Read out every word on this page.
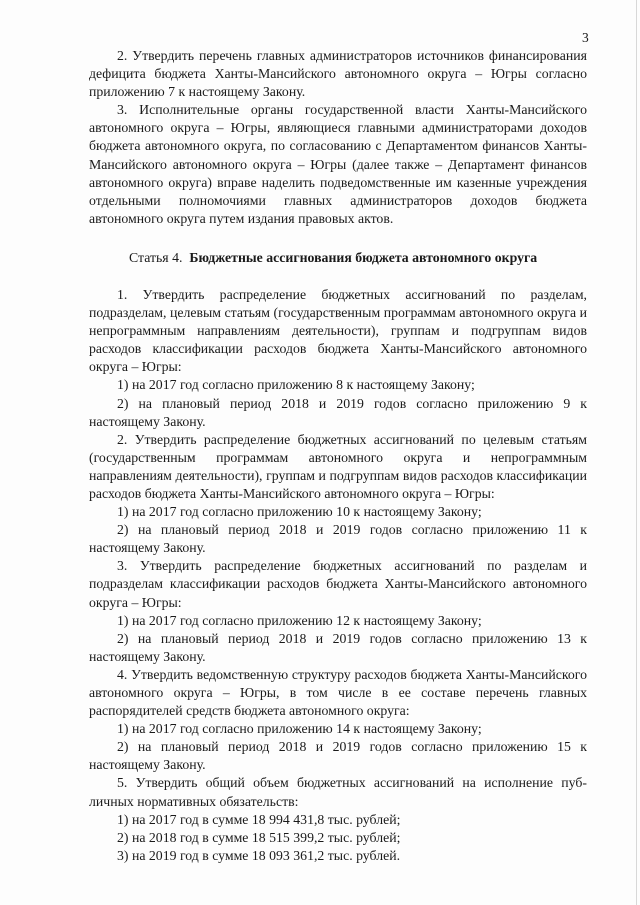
3

2. Утвердить перечень главных администраторов источников финансирования дефицита бюджета Ханты-Мансийского автономного округа – Югры согласно приложению 7 к настоящему Закону.

3. Исполнительные органы государственной власти Ханты-Мансийского автономного округа – Югры, являющиеся главными администраторами доходов бюджета автономного округа, по согласованию с Департаментом финансов Ханты-Мансийского автономного округа – Югры (далее также – Департамент финансов автономного округа) вправе наделить подведомственные им казенные учреждения отдельными полномочиями главных администраторов доходов бюджета автономного округа путем издания правовых актов.

Статья 4. Бюджетные ассигнования бюджета автономного округа

1. Утвердить распределение бюджетных ассигнований по разделам, подразделам, целевым статьям (государственным программам автономного округа и непрограммным направлениям деятельности), группам и подгруппам видов расходов классификации расходов бюджета Ханты-Мансийского автономного округа – Югры:

1) на 2017 год согласно приложению 8 к настоящему Закону;

2) на плановый период 2018 и 2019 годов согласно приложению 9 к настоящему Закону.

2. Утвердить распределение бюджетных ассигнований по целевым статьям (государственным программам автономного округа и непрограммным направлениям деятельности), группам и подгруппам видов расходов классификации расходов бюджета Ханты-Мансийского автономного округа – Югры:

1) на 2017 год согласно приложению 10 к настоящему Закону;

2) на плановый период 2018 и 2019 годов согласно приложению 11 к настоящему Закону.

3. Утвердить распределение бюджетных ассигнований по разделам и подразделам классификации расходов бюджета Ханты-Мансийского автономного округа – Югры:

1) на 2017 год согласно приложению 12 к настоящему Закону;

2) на плановый период 2018 и 2019 годов согласно приложению 13 к настоящему Закону.

4. Утвердить ведомственную структуру расходов бюджета Ханты-Мансийского автономного округа – Югры, в том числе в ее составе перечень главных распорядителей средств бюджета автономного округа:

1) на 2017 год согласно приложению 14 к настоящему Закону;

2) на плановый период 2018 и 2019 годов согласно приложению 15 к настоящему Закону.

5. Утвердить общий объем бюджетных ассигнований на исполнение публичных нормативных обязательств:

1) на 2017 год в сумме 18 994 431,8 тыс. рублей;

2) на 2018 год в сумме 18 515 399,2 тыс. рублей;

3) на 2019 год в сумме 18 093 361,2 тыс. рублей.
